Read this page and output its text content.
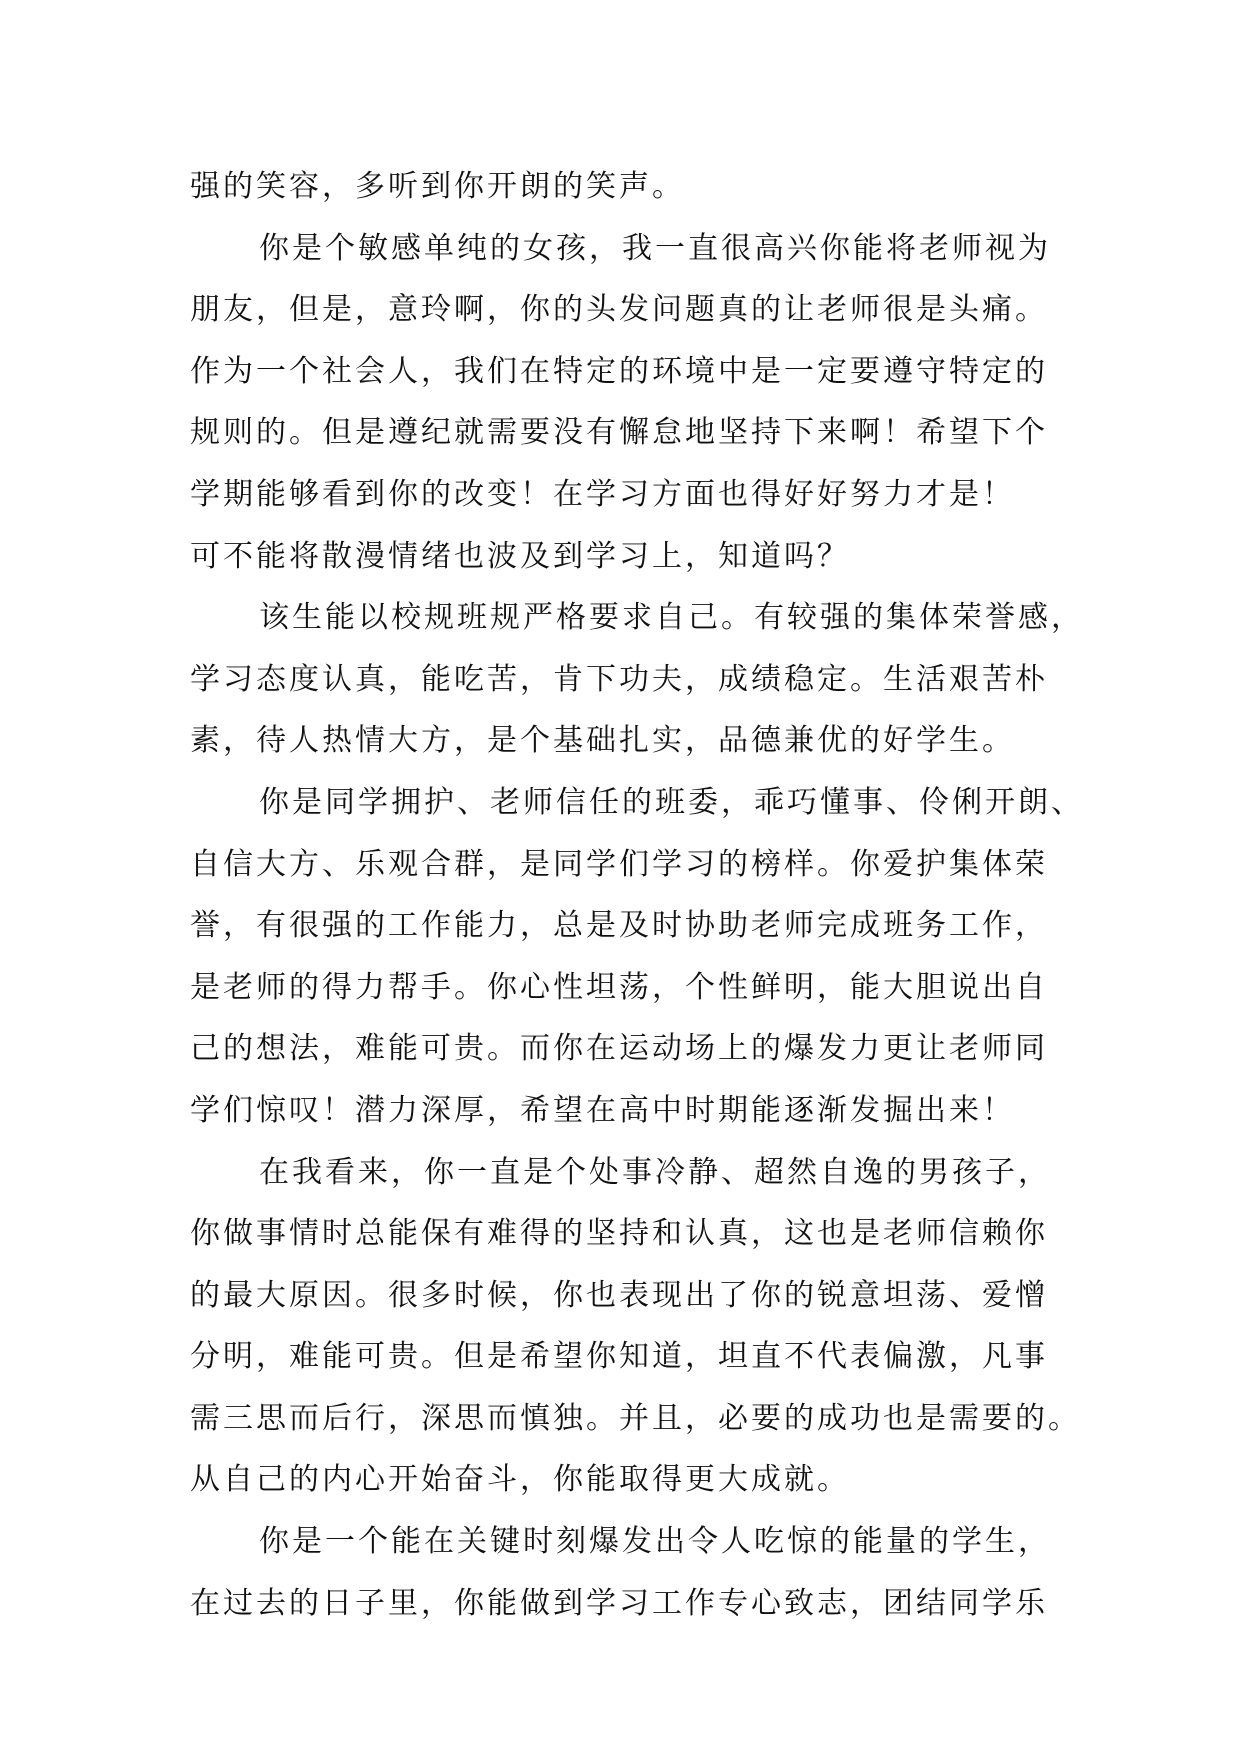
强的笑容，多听到你开朗的笑声。
你是个敏感单纯的女孩，我一直很高兴你能将老师视为
朋友，但是，意玲啊，你的头发问题真的让老师很是头痛。
作为一个社会人，我们在特定的环境中是一定要遵守特定的
规则的。但是遵纪就需要没有懈怠地坚持下来啊！希望下个
学期能够看到你的改变！在学习方面也得好好努力才是！
可不能将散漫情绪也波及到学习上，知道吗？
该生能以校规班规严格要求自己。有较强的集体荣誉感，
学习态度认真，能吃苦，肯下功夫，成绩稳定。生活艰苦朴
素，待人热情大方，是个基础扎实，品德兼优的好学生。
你是同学拥护、老师信任的班委，乖巧懂事、伶俐开朗、
自信大方、乐观合群，是同学们学习的榜样。你爱护集体荣
誉，有很强的工作能力，总是及时协助老师完成班务工作，
是老师的得力帮手。你心性坦荡，个性鲜明，能大胆说出自
己的想法，难能可贵。而你在运动场上的爆发力更让老师同
学们惊叹！潜力深厚，希望在高中时期能逐渐发掘出来！
在我看来，你一直是个处事冷静、超然自逸的男孩子，
你做事情时总能保有难得的坚持和认真，这也是老师信赖你
的最大原因。很多时候，你也表现出了你的锐意坦荡、爱憎
分明，难能可贵。但是希望你知道，坦直不代表偏激，凡事
需三思而后行，深思而慎独。并且，必要的成功也是需要的。
从自己的内心开始奋斗，你能取得更大成就。
你是一个能在关键时刻爆发出令人吃惊的能量的学生，
在过去的日子里，你能做到学习工作专心致志，团结同学乐
